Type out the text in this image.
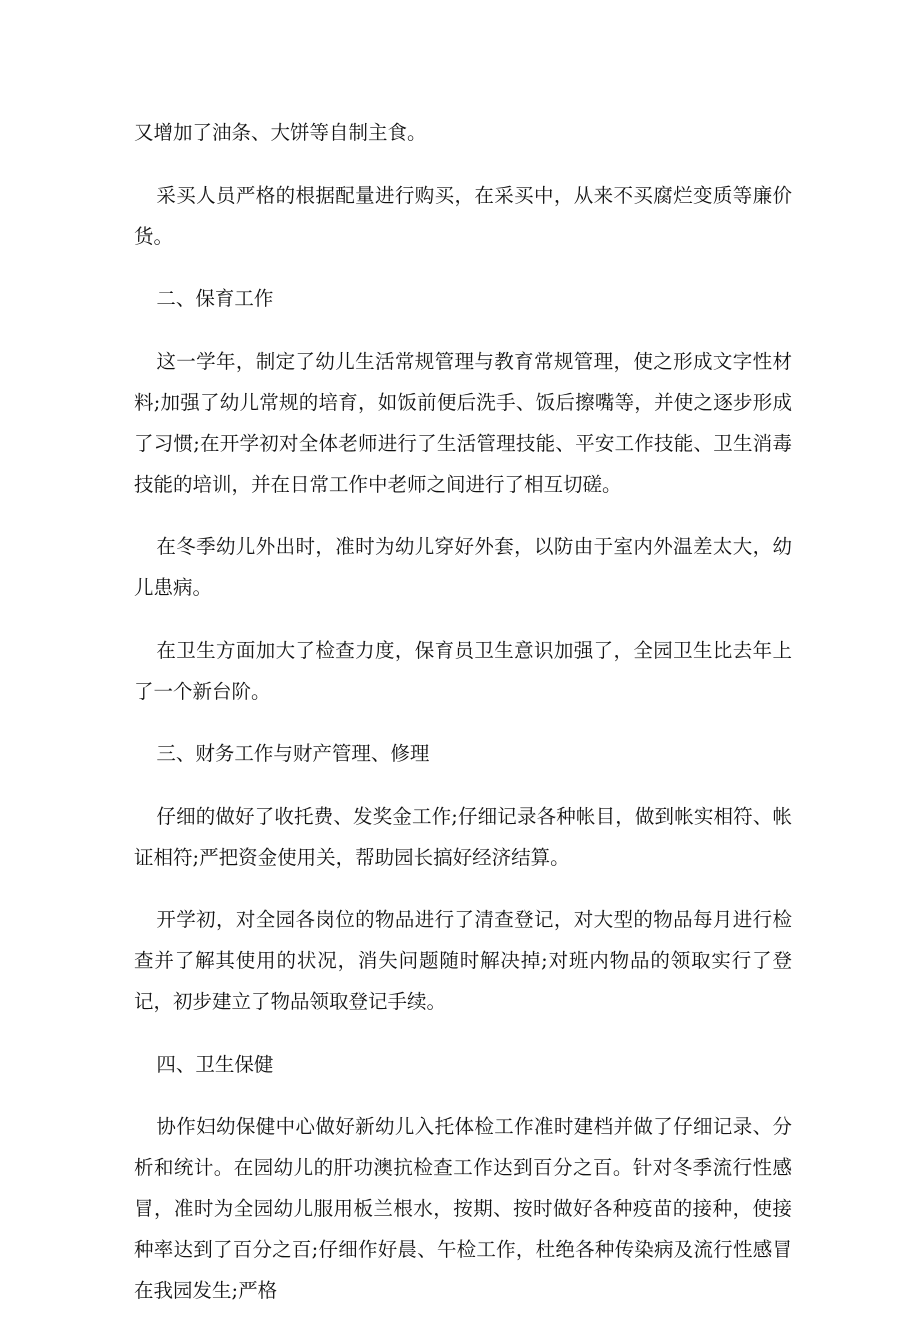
又增加了油条、大饼等自制主食。

采买人员严格的根据配量进行购买，在采买中，从来不买腐烂变质等廉价货。

二、保育工作

这一学年，制定了幼儿生活常规管理与教育常规管理，使之形成文字性材料;加强了幼儿常规的培育，如饭前便后洗手、饭后擦嘴等，并使之逐步形成了习惯;在开学初对全体老师进行了生活管理技能、平安工作技能、卫生消毒技能的培训，并在日常工作中老师之间进行了相互切磋。

在冬季幼儿外出时，准时为幼儿穿好外套，以防由于室内外温差太大，幼儿患病。

在卫生方面加大了检查力度，保育员卫生意识加强了，全园卫生比去年上了一个新台阶。

三、财务工作与财产管理、修理

仔细的做好了收托费、发奖金工作;仔细记录各种帐目，做到帐实相符、帐证相符;严把资金使用关，帮助园长搞好经济结算。

开学初，对全园各岗位的物品进行了清查登记，对大型的物品每月进行检查并了解其使用的状况，消失问题随时解决掉;对班内物品的领取实行了登记，初步建立了物品领取登记手续。

四、卫生保健

协作妇幼保健中心做好新幼儿入托体检工作准时建档并做了仔细记录、分析和统计。在园幼儿的肝功澳抗检查工作达到百分之百。针对冬季流行性感冒，准时为全园幼儿服用板兰根水，按期、按时做好各种疫苗的接种，使接种率达到了百分之百;仔细作好晨、午检工作，杜绝各种传染病及流行性感冒在我园发生;严格
